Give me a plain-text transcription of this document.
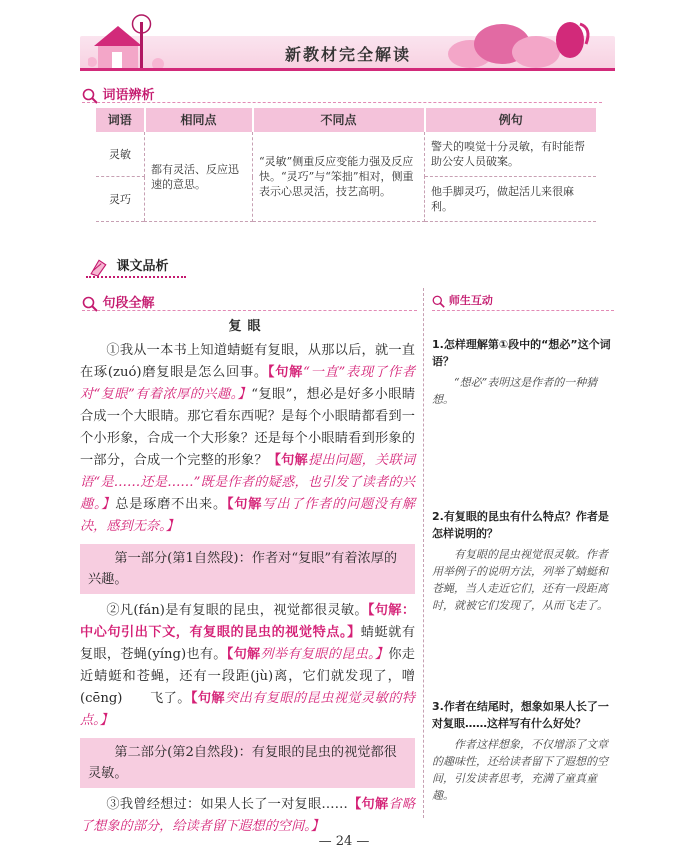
新教材完全解读
词语辨析
词语	相同点	不同点	例句
灵敏	都有灵活、反应迅速的意思。	“灵敏”侧重反应变能力强及反应快。“灵巧”与“笨拙”相对，侧重表示心思灵活，技艺高明。	警犬的嗅觉十分灵敏，有时能帮助公安人员破案。
灵巧			他手脚灵巧，做起活儿来很麻利。
课文品析
句段全解	师生互动
复眼

①我从一本书上知道蜻蜓有复眼，从那以后，就一直在琢(zuó)磨复眼是怎么回事。【句解“一直”表现了作者对“复眼”有着浓厚的兴趣。】“复眼”，想必是好多小眼睛合成一个大眼睛。那它看东西呢？是每个小眼睛都看到一个小形象，合成一个大形象？还是每个小眼睛看到形象的一部分，合成一个完整的形象？【句解提出问题，关联词语“是……还是……”既是作者的疑惑，也引发了读者的兴趣。】总是琢磨不出来。【句解写出了作者的问题没有解决，感到无奈。】

第一部分(第1自然段)：作者对“复眼”有着浓厚的兴趣。

②凡(fán)是有复眼的昆虫，视觉都很灵敏。【句解：中心句引出下文，有复眼的昆虫的视觉特点。】蜻蜓就有复眼，苍蝇(yíng)也有。【句解列举有复眼的昆虫。】你走近蜻蜓和苍蝇，还有一段距(jù)离，它们就发现了，噌(cēng)　　飞了。【句解突出有复眼的昆虫视觉灵敏的特点。】

第二部分(第2自然段)：有复眼的昆虫的视觉都很灵敏。

③我曾经想过：如果人长了一对复眼……【句解省略了想象的部分，给读者留下遐想的空间。】

1.怎样理解第①段中的“想必”这个词语？

“想必”表明这是作者的一种猜想。

2.有复眼的昆虫有什么特点？作者是怎样说明的？

有复眼的昆虫视觉很灵敏。作者用举例子的说明方法，列举了蜻蜓和苍蝇，当人走近它们，还有一段距离时，就被它们发现了，从而飞走了。

3.作者在结尾时，想象如果人长了一对复眼……这样写有什么好处？

作者这样想象，不仅增添了文章的趣味性，还给读者留下了遐想的空间，引发读者思考，充满了童真童趣。

— 24 —
